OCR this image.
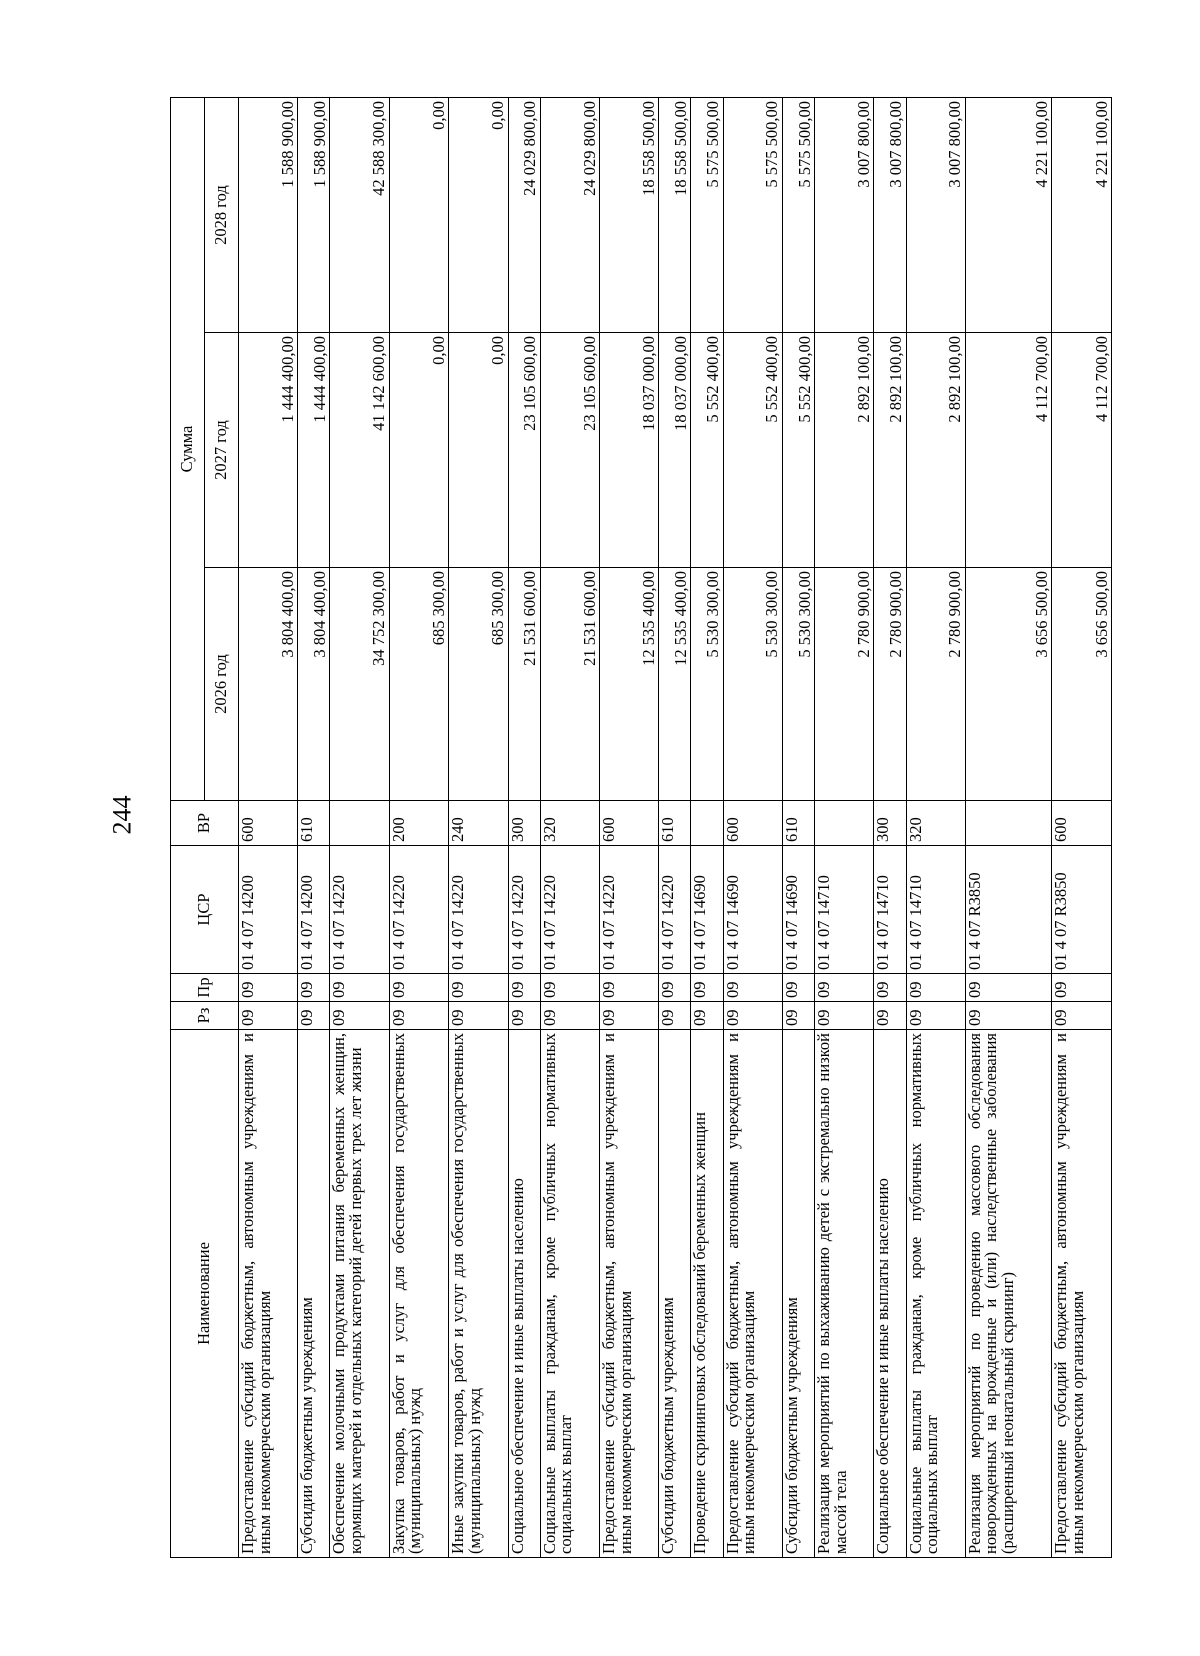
244
Наименование	Рз	Пр	ЦСР	ВР	Сумма		
					2026 год	2027 год	2028 год
Предоставление субсидий бюджетным, автономным учреждениям и иным некоммерческим организациям	09	09	01 4 07 14200	600	3 804 400,00	1 444 400,00	1 588 900,00
Субсидии бюджетным учреждениям	09	09	01 4 07 14200	610	3 804 400,00	1 444 400,00	1 588 900,00
Обеспечение молочными продуктами питания беременных женщин, кормящих матерей и отдельных категорий детей первых трех лет жизни	09	09	01 4 07 14220		34 752 300,00	41 142 600,00	42 588 300,00
Закупка товаров, работ и услуг для обеспечения государственных (муниципальных) нужд	09	09	01 4 07 14220	200	685 300,00	0,00	0,00
Иные закупки товаров, работ и услуг для обеспечения государственных (муниципальных) нужд	09	09	01 4 07 14220	240	685 300,00	0,00	0,00
Социальное обеспечение и иные выплаты населению	09	09	01 4 07 14220	300	21 531 600,00	23 105 600,00	24 029 800,00
Социальные выплаты гражданам, кроме публичных нормативных социальных выплат	09	09	01 4 07 14220	320	21 531 600,00	23 105 600,00	24 029 800,00
Предоставление субсидий бюджетным, автономным учреждениям и иным некоммерческим организациям	09	09	01 4 07 14220	600	12 535 400,00	18 037 000,00	18 558 500,00
Субсидии бюджетным учреждениям	09	09	01 4 07 14220	610	12 535 400,00	18 037 000,00	18 558 500,00
Проведение скрининговых обследований беременных женщин	09	09	01 4 07 14690		5 530 300,00	5 552 400,00	5 575 500,00
Предоставление субсидий бюджетным, автономным учреждениям и иным некоммерческим организациям	09	09	01 4 07 14690	600	5 530 300,00	5 552 400,00	5 575 500,00
Субсидии бюджетным учреждениям	09	09	01 4 07 14690	610	5 530 300,00	5 552 400,00	5 575 500,00
Реализация мероприятий по выхаживанию детей с экстремально низкой массой тела	09	09	01 4 07 14710		2 780 900,00	2 892 100,00	3 007 800,00
Социальное обеспечение и иные выплаты населению	09	09	01 4 07 14710	300	2 780 900,00	2 892 100,00	3 007 800,00
Социальные выплаты гражданам, кроме публичных нормативных социальных выплат	09	09	01 4 07 14710	320	2 780 900,00	2 892 100,00	3 007 800,00
Реализация мероприятий по проведению массового обследования новорожденных на врожденные и (или) наследственные заболевания (расширенный неонатальный скрининг)	09	09	01 4 07 R3850		3 656 500,00	4 112 700,00	4 221 100,00
Предоставление субсидий бюджетным, автономным учреждениям и иным некоммерческим организациям	09	09	01 4 07 R3850	600	3 656 500,00	4 112 700,00	4 221 100,00
